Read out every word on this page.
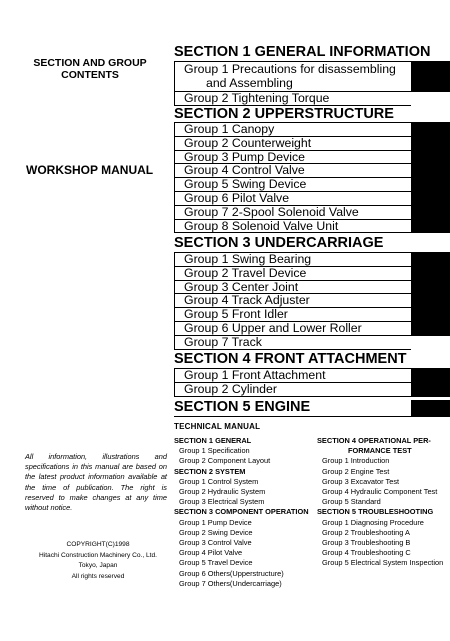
SECTION AND GROUP
CONTENTS
WORKSHOP MANUAL
All information, illustrations and specifications in this manual are based on the latest product information available at the time of publication. The right is reserved to make changes at any time without notice.
COPYRIGHT(C)1998
Hitachi Construction Machinery Co., Ltd.
Tokyo, Japan
All rights reserved
SECTION 1 GENERAL INFORMATION
Group 1 Precautions for disassembling
and Assembling
Group 2 Tightening Torque
SECTION 2 UPPERSTRUCTURE
Group 1 Canopy
Group 2 Counterweight
Group 3 Pump Device
Group 4 Control Valve
Group 5 Swing Device
Group 6 Pilot Valve
Group 7 2-Spool Solenoid Valve
Group 8 Solenoid Valve Unit
SECTION 3 UNDERCARRIAGE
Group 1 Swing Bearing
Group 2 Travel Device
Group 3 Center Joint
Group 4 Track Adjuster
Group 5 Front Idler
Group 6 Upper and Lower Roller
Group 7 Track
SECTION 4 FRONT ATTACHMENT
Group 1 Front Attachment
Group 2 Cylinder
SECTION 5 ENGINE
TECHNICAL MANUAL
SECTION 1 GENERAL
Group 1 Specification
Group 2 Component Layout
SECTION 2 SYSTEM
Group 1 Control System
Group 2 Hydraulic System
Group 3 Electrical System
SECTION 3 COMPONENT OPERATION
Group 1 Pump Device
Group 2 Swing Device
Group 3 Control Valve
Group 4 Pilot Valve
Group 5 Travel Device
Group 6 Others(Upperstructure)
Group 7 Others(Undercarriage)
SECTION 4 OPERATIONAL PER-
FORMANCE TEST
Group 1 Introduction
Group 2 Engine Test
Group 3 Excavator Test
Group 4 Hydraulic Component Test
Group 5 Standard
SECTION 5 TROUBLESHOOTING
Group 1 Diagnosing Procedure
Group 2 Troubleshooting A
Group 3 Troubleshooting B
Group 4 Troubleshooting C
Group 5 Electrical System Inspection
